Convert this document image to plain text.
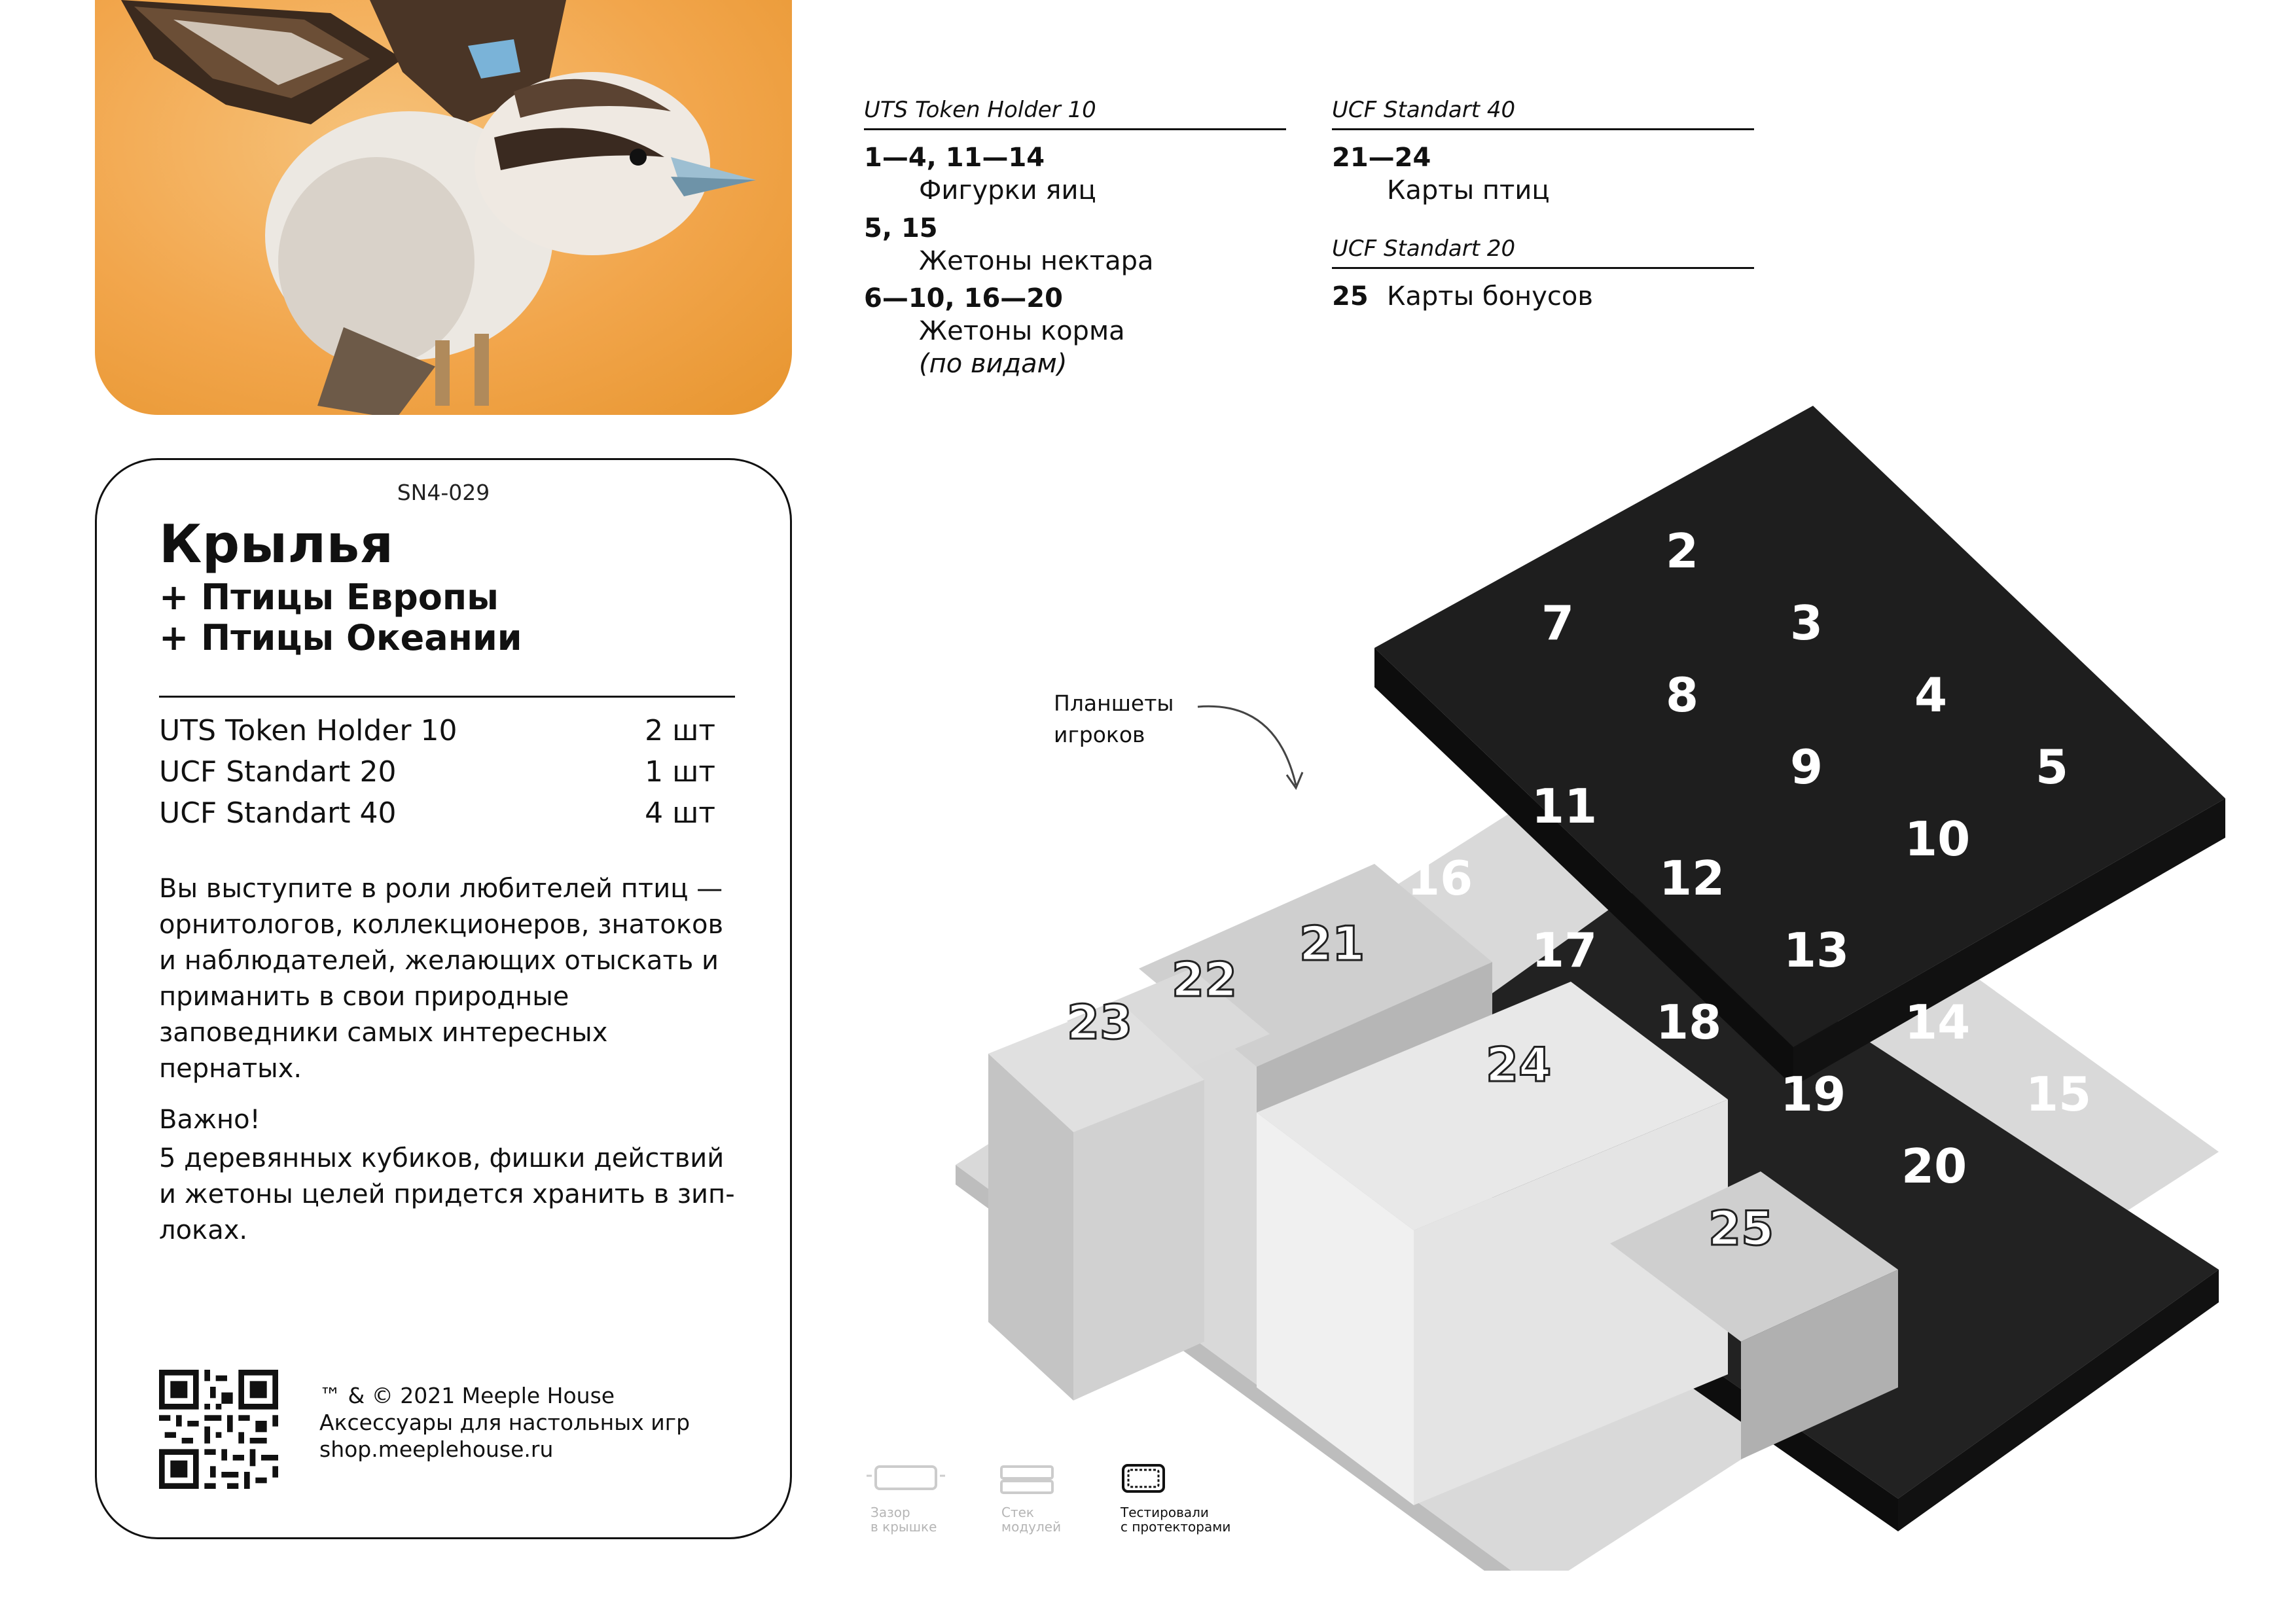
SN4-029
Крылья
+ Птицы Европы
+ Птицы Океании
UTS Token Holder 10	2 шт
UCF Standart 20	1 шт
UCF Standart 40	4 шт
Вы выступите в роли любителей птиц — орнитологов, коллекционеров, знатоков и наблюдателей, желающих отыскать и приманить в свои природные заповедники самых интересных пернатых.
Важно!
5 деревянных кубиков, фишки действий и жетоны целей придется хранить в зип-локах.
™ & © 2021 Meeple House
Аксессуары для настольных игр
shop.meeplehouse.ru
UTS Token Holder 10
1—4, 11—14
Фигурки яиц
5, 15
Жетоны нектара
6—10, 16—20
Жетоны корма
(по видам)
UCF Standart 40
21—24
Карты птиц
UCF Standart 20
25 Карты бонусов
Планшеты
игроков
1
2
3
4
5
6
7
8
9
10
11
12
13
14
15
16
17
18
19
20
21
22
23
24
25
Зазор
в крышке
Стек
модулей
Тестировали
с протекторами
